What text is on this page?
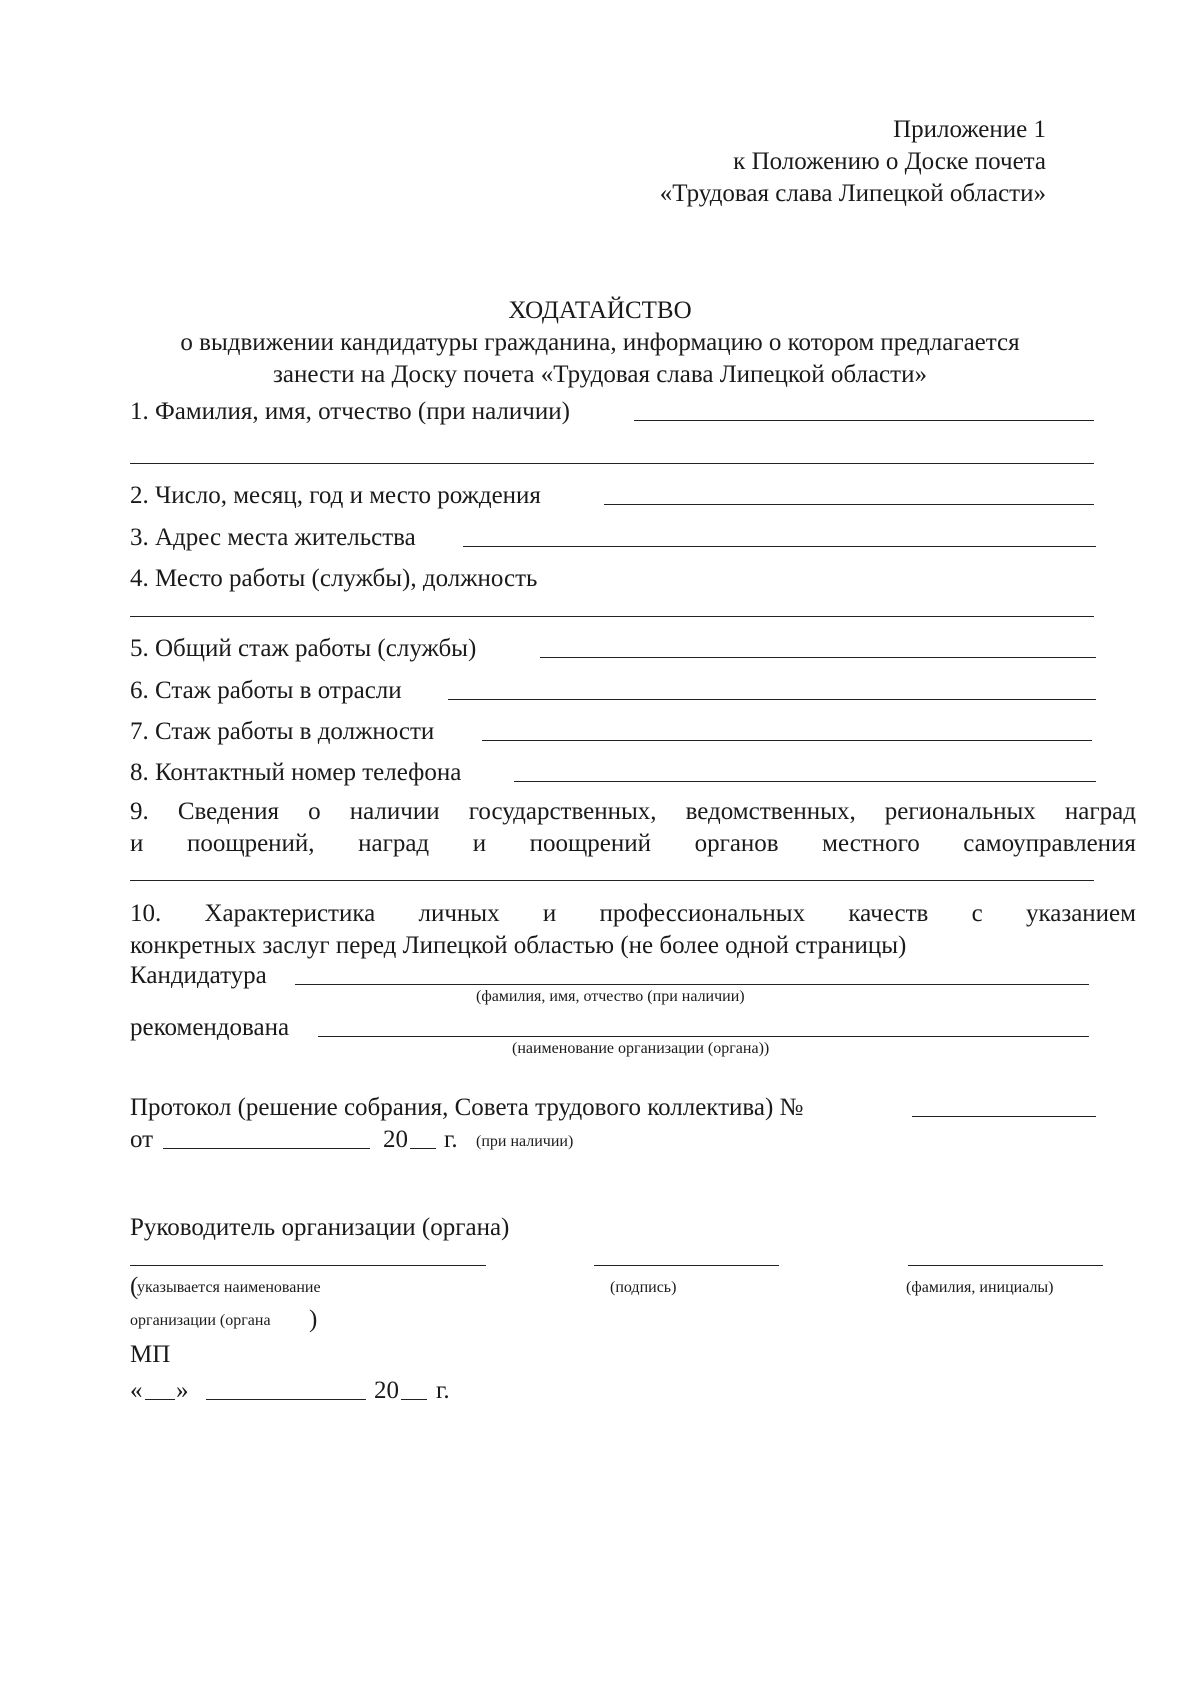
Приложение 1
к Положению о Доске почета
«Трудовая слава Липецкой области»
ХОДАТАЙСТВО
о выдвижении кандидатуры гражданина, информацию о котором предлагается
занести на Доску почета «Трудовая слава Липецкой области»
1. Фамилия, имя, отчество (при наличии)
2. Число, месяц, год и место рождения
3. Адрес места жительства
4. Место работы (службы), должность
5. Общий стаж работы (службы)
6. Стаж работы в отрасли
7. Стаж работы в должности
8. Контактный номер телефона
9. Сведения о наличии государственных, ведомственных, региональных наград
и поощрений, наград и поощрений органов местного самоуправления
10. Характеристика личных и профессиональных качеств с указанием
конкретных заслуг перед Липецкой областью (не более одной страницы)
Кандидатура
(фамилия, имя, отчество (при наличии)
рекомендована
(наименование организации (органа))
Протокол (решение собрания, Совета трудового коллектива) №
от	20 г. (при наличии)
Руководитель организации (органа)
(
указывается наименование	(подпись)	(фамилия, инициалы)
организации (органа )
МП
« »	20 г.
